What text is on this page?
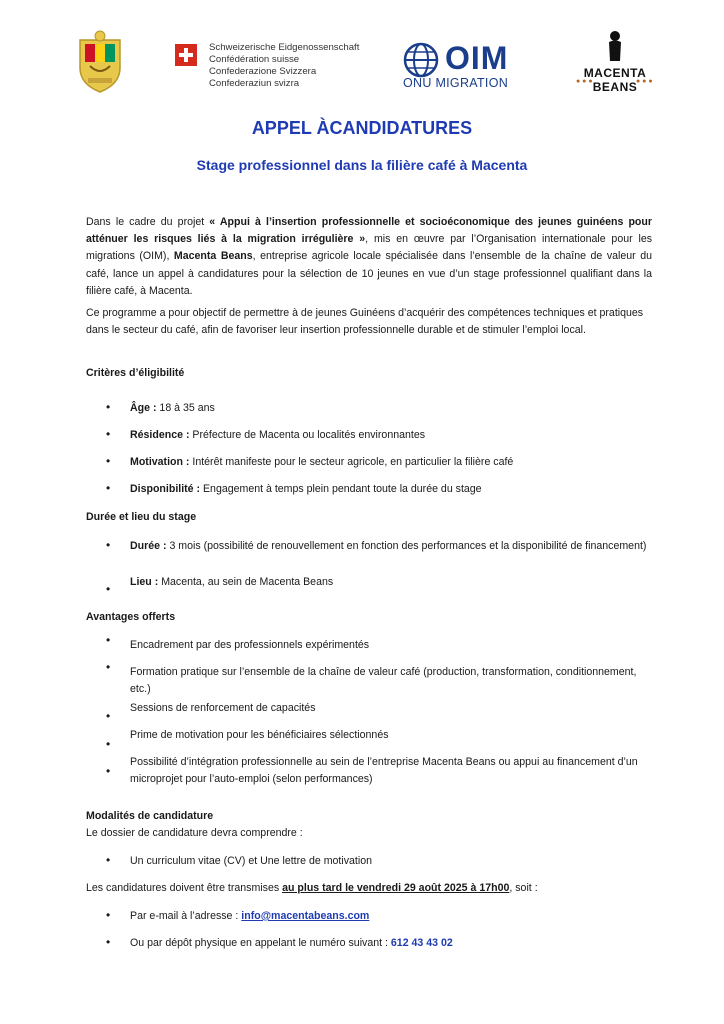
Schweizerische Eidgenossenschaft
Confédération suisse
Confederazione Svizzera
Confederaziun svizra
OIM
ONU MIGRATION
MACENTA
BEANS
● ● ●	● ● ●
APPEL ÀCANDIDATURES
Stage professionnel dans la filière café à Macenta
Dans le cadre du projet « Appui à l’insertion professionnelle et socioéconomique des jeunes guinéens pour atténuer les risques liés à la migration irrégulière », mis en œuvre par l’Organisation internationale pour les migrations (OIM), Macenta Beans, entreprise agricole locale spécialisée dans l’ensemble de la chaîne de valeur du café, lance un appel à candidatures pour la sélection de 10 jeunes en vue d’un stage professionnel qualifiant dans la filière café, à Macenta.
Ce programme a pour objectif de permettre à de jeunes Guinéens d’acquérir des compétences techniques et pratiques dans le secteur du café, afin de favoriser leur insertion professionnelle durable et de stimuler l’emploi local.
Critères d’éligibilité
• Âge : 18 à 35 ans
• Résidence : Préfecture de Macenta ou localités environnantes
• Motivation : Intérêt manifeste pour le secteur agricole, en particulier la filière café
• Disponibilité : Engagement à temps plein pendant toute la durée du stage
Durée et lieu du stage
• Durée : 3 mois (possibilité de renouvellement en fonction des performances et la disponibilité de financement)
• Lieu : Macenta, au sein de Macenta Beans
Avantages offerts
• Encadrement par des professionnels expérimentés
• Formation pratique sur l’ensemble de la chaîne de valeur café (production, transformation, conditionnement, etc.)
•
Sessions de renforcement de capacités
•
Prime de motivation pour les bénéficiaires sélectionnés
•
Possibilité d’intégration professionnelle au sein de l’entreprise Macenta Beans ou appui au financement d’un microprojet pour l’auto-emploi (selon performances)
Modalités de candidature
Le dossier de candidature devra comprendre :
• Un curriculum vitae (CV) et Une lettre de motivation
Les candidatures doivent être transmises au plus tard le vendredi 29 août 2025 à 17h00, soit :
• Par e-mail à l’adresse : info@macentabeans.com
• Ou par dépôt physique en appelant le numéro suivant : 612 43 43 02
